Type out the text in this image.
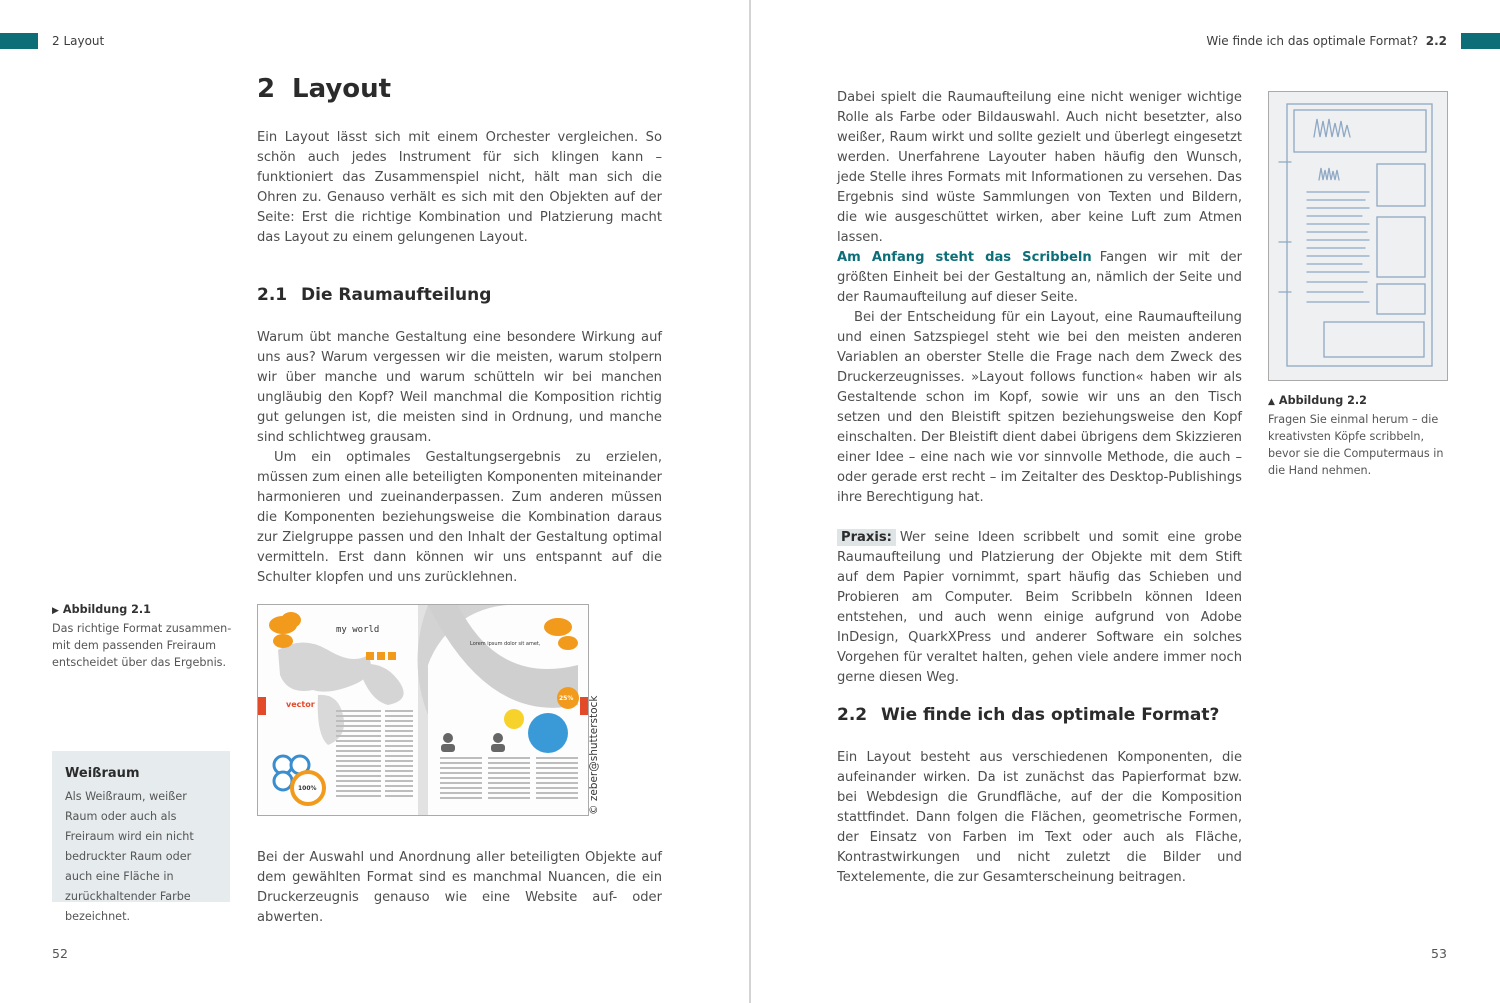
2 Layout
2 Layout

Ein Layout lässt sich mit einem Orchester vergleichen. So schön auch jedes Instrument für sich klingen kann – funktioniert das Zusammenspiel nicht, hält man sich die Ohren zu. Genauso verhält es sich mit den Objekten auf der Seite: Erst die richtige Kombination und Platzierung macht das Layout zu einem gelungenen Layout.

2.1 Die Raumaufteilung

Warum übt manche Gestaltung eine besondere Wirkung auf uns aus? Warum vergessen wir die meisten, warum stolpern wir über manche und warum schütteln wir bei manchen ungläubig den Kopf? Weil manchmal die Komposition richtig gut gelungen ist, die meisten sind in Ordnung, und manche sind schlichtweg grausam.

Um ein optimales Gestaltungsergebnis zu erzielen, müssen zum einen alle beteiligten Komponenten miteinander harmonieren und zueinanderpassen. Zum anderen müssen die Komponenten beziehungsweise die Kombination daraus zur Zielgruppe passen und den Inhalt der Gestaltung optimal vermitteln. Erst dann können wir uns entspannt auf die Schulter klopfen und uns zurücklehnen.

my world
vector
Lorem ipsum dolor sit amet,
25%
100%	© zeber@shutterstock
▶ Abbildung 2.1
Das richtige Format zusammenmit dem passenden Freiraum entscheidet über das Ergebnis.
Weißraum
Als Weißraum, weißer Raum oder auch als Freiraum wird ein nicht bedruckter Raum oder auch eine Fläche in zurückhaltender Farbe bezeichnet.

Bei der Auswahl und Anordnung aller beteiligten Objekte auf dem gewählten Format sind es manchmal Nuancen, die ein Druckerzeugnis genauso wie eine Website auf- oder abwerten.

52
Wie finde ich das optimale Format? 2.2

Dabei spielt die Raumaufteilung eine nicht weniger wichtige Rolle als Farbe oder Bildauswahl. Auch nicht besetzter, also weißer, Raum wirkt und sollte gezielt und überlegt eingesetzt werden. Unerfahrene Layouter haben häufig den Wunsch, jede Stelle ihres Formats mit Informationen zu versehen. Das Ergebnis sind wüste Sammlungen von Texten und Bildern, die wie ausgeschüttet wirken, aber keine Luft zum Atmen lassen.

Am Anfang steht das Scribbeln Fangen wir mit der größten Einheit bei der Gestaltung an, nämlich der Seite und der Raumaufteilung auf dieser Seite.

Bei der Entscheidung für ein Layout, eine Raumaufteilung und einen Satzspiegel steht wie bei den meisten anderen Variablen an oberster Stelle die Frage nach dem Zweck des Druckerzeugnisses. »Layout follows function« haben wir als Gestaltende schon im Kopf, sowie wir uns an den Tisch setzen und den Bleistift spitzen beziehungsweise den Kopf einschalten. Der Bleistift dient dabei übrigens dem Skizzieren einer Idee – eine nach wie vor sinnvolle Methode, die auch – oder gerade erst recht – im Zeitalter des Desktop-Publishings ihre Berechtigung hat.

Praxis: Wer seine Ideen scribbelt und somit eine grobe Raumaufteilung und Platzierung der Objekte mit dem Stift auf dem Papier vornimmt, spart häufig das Schieben und Probieren am Computer. Beim Scribbeln können Ideen entstehen, und auch wenn einige aufgrund von Adobe InDesign, QuarkXPress und anderer Software ein solches Vorgehen für veraltet halten, gehen viele andere immer noch gerne diesen Weg.

2.2 Wie finde ich das optimale Format?

Ein Layout besteht aus verschiedenen Komponenten, die aufeinander wirken. Da ist zunächst das Papierformat bzw. bei Webdesign die Grundfläche, auf der die Komposition stattfindet. Dann folgen die Flächen, geometrische Formen, der Einsatz von Farben im Text oder auch als Fläche, Kontrastwirkungen und nicht zuletzt die Bilder und Textelemente, die zur Gesamterscheinung beitragen.

▲ Abbildung 2.2
Fragen Sie einmal herum – die kreativsten Köpfe scribbeln, bevor sie die Computermaus in die Hand nehmen.
53
